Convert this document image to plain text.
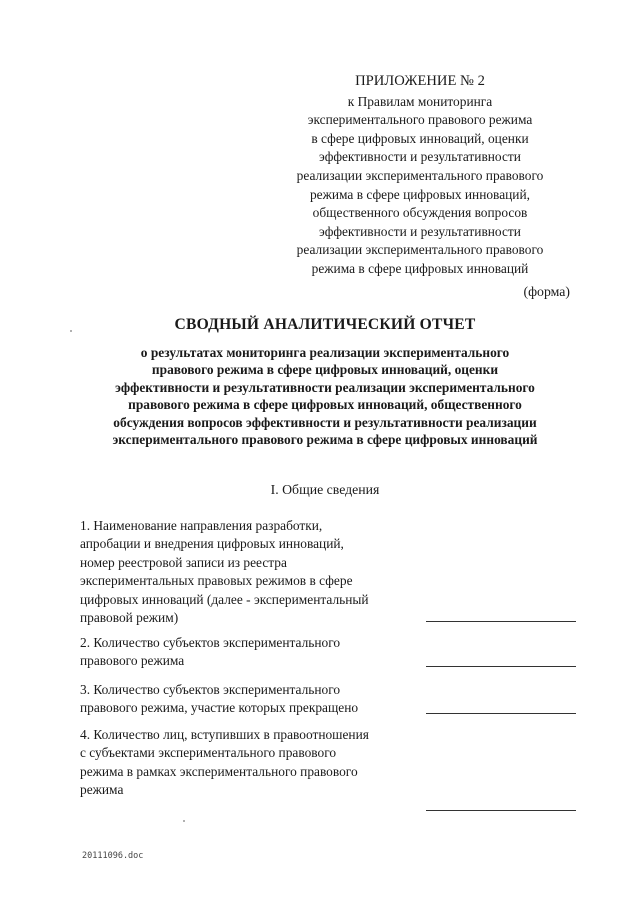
ПРИЛОЖЕНИЕ № 2
к Правилам мониторинга
экспериментального правового режима
в сфере цифровых инноваций, оценки
эффективности и результативности
реализации экспериментального правового
режима в сфере цифровых инноваций,
общественного обсуждения вопросов
эффективности и результативности
реализации экспериментального правового
режима в сфере цифровых инноваций
(форма)
СВОДНЫЙ АНАЛИТИЧЕСКИЙ ОТЧЕТ
о результатах мониторинга реализации экспериментального
правового режима в сфере цифровых инноваций, оценки
эффективности и результативности реализации экспериментального
правового режима в сфере цифровых инноваций, общественного
обсуждения вопросов эффективности и результативности реализации
экспериментального правового режима в сфере цифровых инноваций
I. Общие сведения
1. Наименование направления разработки,
апробации и внедрения цифровых инноваций,
номер реестровой записи из реестра
экспериментальных правовых режимов в сфере
цифровых инноваций (далее - экспериментальный
правовой режим)
2. Количество субъектов экспериментального
правового режима
3. Количество субъектов экспериментального
правового режима, участие которых прекращено
4. Количество лиц, вступивших в правоотношения
с субъектами экспериментального правового
режима в рамках экспериментального правового
режима
20111096.doc
